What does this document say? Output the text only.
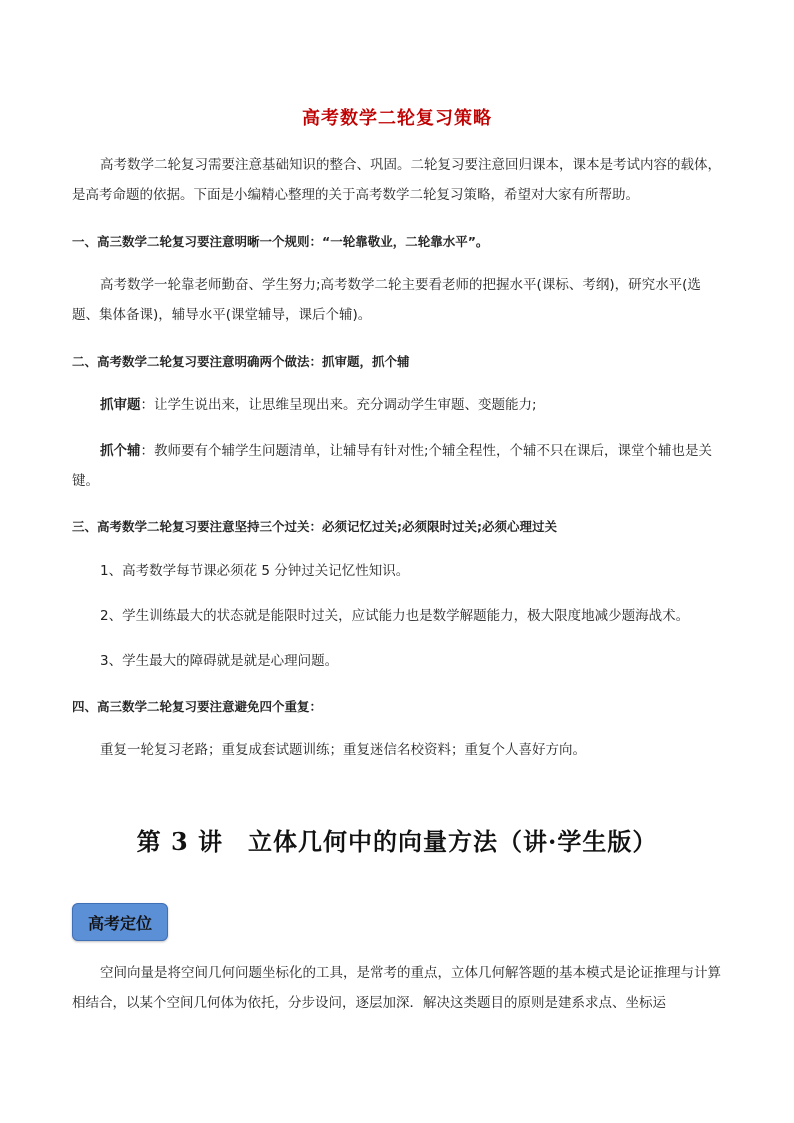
高考数学二轮复习策略
高考数学二轮复习需要注意基础知识的整合、巩固。二轮复习要注意回归课本，课本是考试内容的载体，是高考命题的依据。下面是小编精心整理的关于高考数学二轮复习策略，希望对大家有所帮助。
一、高三数学二轮复习要注意明晰一个规则：“一轮靠敬业，二轮靠水平”。
高考数学一轮靠老师勤奋、学生努力;高考数学二轮主要看老师的把握水平(课标、考纲)，研究水平(选题、集体备课)，辅导水平(课堂辅导，课后个辅)。
二、高考数学二轮复习要注意明确两个做法：抓审题，抓个辅
抓审题：让学生说出来，让思维呈现出来。充分调动学生审题、变题能力;
抓个辅：教师要有个辅学生问题清单，让辅导有针对性;个辅全程性，个辅不只在课后，课堂个辅也是关键。
三、高考数学二轮复习要注意坚持三个过关：必须记忆过关;必须限时过关;必须心理过关
1、高考数学每节课必须花 5 分钟过关记忆性知识。
2、学生训练最大的状态就是能限时过关，应试能力也是数学解题能力，极大限度地减少题海战术。
3、学生最大的障碍就是就是心理问题。
四、高三数学二轮复习要注意避免四个重复：
重复一轮复习老路；重复成套试题训练；重复迷信名校资料；重复个人喜好方向。
第 3 讲　立体几何中的向量方法（讲·学生版）
高考定位
空间向量是将空间几何问题坐标化的工具，是常考的重点，立体几何解答题的基本模式是论证推理与计算相结合，以某个空间几何体为依托，分步设问，逐层加深．解决这类题目的原则是建系求点、坐标运
